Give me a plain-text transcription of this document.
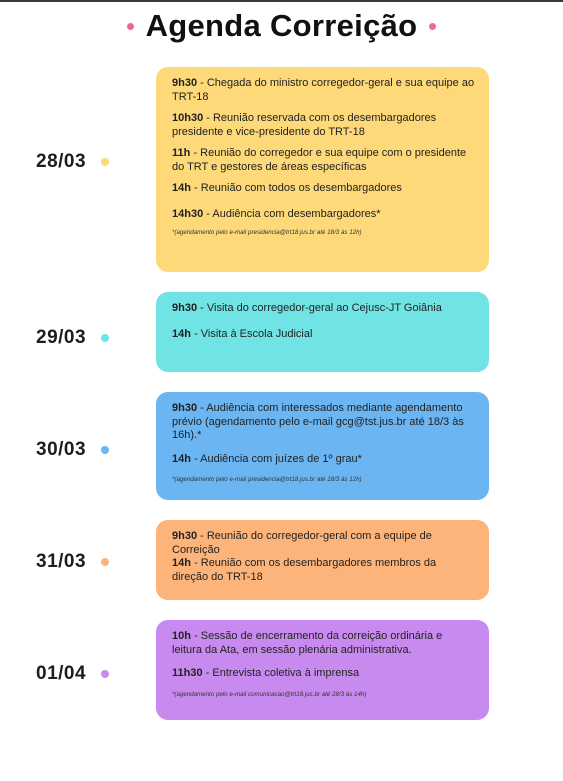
Agenda Correição
28/03

9h30 - Chegada do ministro corregedor-geral e sua equipe ao TRT-18

10h30 - Reunião reservada com os desembargadores presidente e vice-presidente do TRT-18

11h - Reunião do corregedor e sua equipe com o presidente do TRT e gestores de áreas específicas

14h - Reunião com todos os desembargadores

14h30 - Audiência com desembargadores*

*(agendamento pelo e-mail presidencia@trt18.jus.br até 18/3 às 12h)
29/03

9h30 - Visita do corregedor-geral ao Cejusc-JT Goiânia

14h - Visita à Escola Judicial

30/03

9h30 - Audiência com interessados mediante agendamento prévio (agendamento pelo e-mail gcg@tst.jus.br até 18/3 às 16h).*

14h - Audiência com juízes de 1º grau*

*(agendamento pelo e-mail presidencia@trt18.jus.br até 18/3 às 12h)
31/03

9h30 - Reunião do corregedor-geral com a equipe de Correição

14h - Reunião com os desembargadores membros da direção do TRT-18

01/04

10h - Sessão de encerramento da correição ordinária e leitura da Ata, em sessão plenária administrativa.

11h30 - Entrevista coletiva à imprensa

*(agendamento pelo e-mail comunicacao@trt18.jus.br até 28/3 às 14h)
